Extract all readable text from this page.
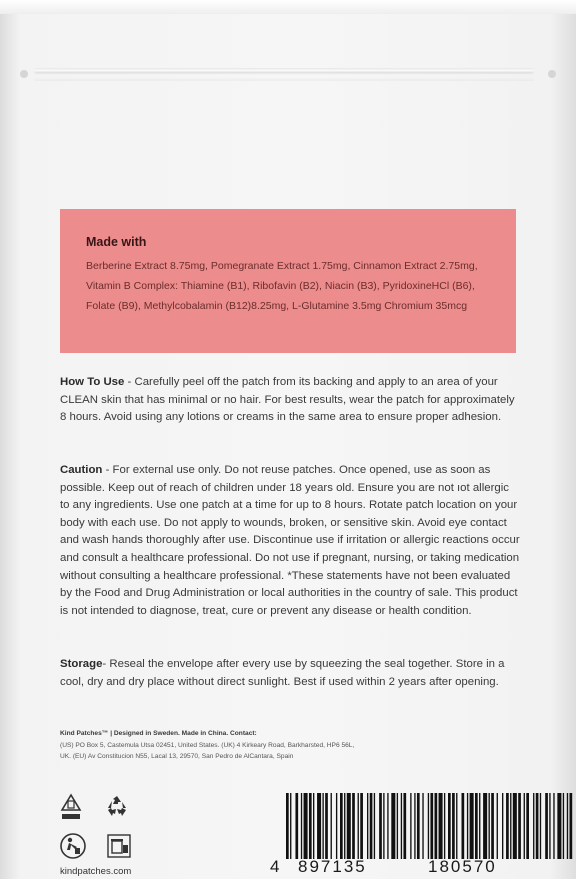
Made with
Berberine Extract 8.75mg, Pomegranate Extract 1.75mg, Cinnamon Extract 2.75mg, Vitamin B Complex: Thiamine (B1), Ribofavin (B2), Niacin (B3), PyridoxineHCl (B6), Folate (B9), Methylcobalamin (B12)8.25mg, L-Glutamine 3.5mg Chromium 35mcg
How To Use - Carefully peel off the patch from its backing and apply to an area of your CLEAN skin that has minimal or no hair. For best results, wear the patch for approximately 8 hours. Avoid using any lotions or creams in the same area to ensure proper adhesion.
Caution - For external use only. Do not reuse patches. Once opened, use as soon as possible. Keep out of reach of children under 18 years old. Ensure you are not ıot allergic to any ingredients. Use one patch at a time for up to 8 hours. Rotate patch location on your body with each use. Do not apply to wounds, broken, or sensitive skin. Avoid eye contact and wash hands thoroughly after use. Discontinue use if irritation or allergic reactions occur and consult a healthcare professional. Do not use if pregnant, nursing, or taking medication without consulting a healthcare professional. *These statements have not been evaluated by the Food and Drug Administration or local authorities in the country of sale. This product is not intended to diagnose, treat, cure or prevent any disease or health condition.
Storage- Reseal the envelope after every use by squeezing the seal together. Store in a cool, dry and dry place without direct sunlight. Best if used within 2 years after opening.
Kind Patches™ | Designed in Sweden. Made in China. Contact:
(US) PO Box 5, Castemula Utsa 02451, United States. (UK) 4 Kirkeary Road, Barkharsted, HP6 56L,
UK. (EU) Av Constitucion N55, Lacal 13, 29570, San Pedro de AlCantara, Spain
kindpatches.com	4 897135	180570
